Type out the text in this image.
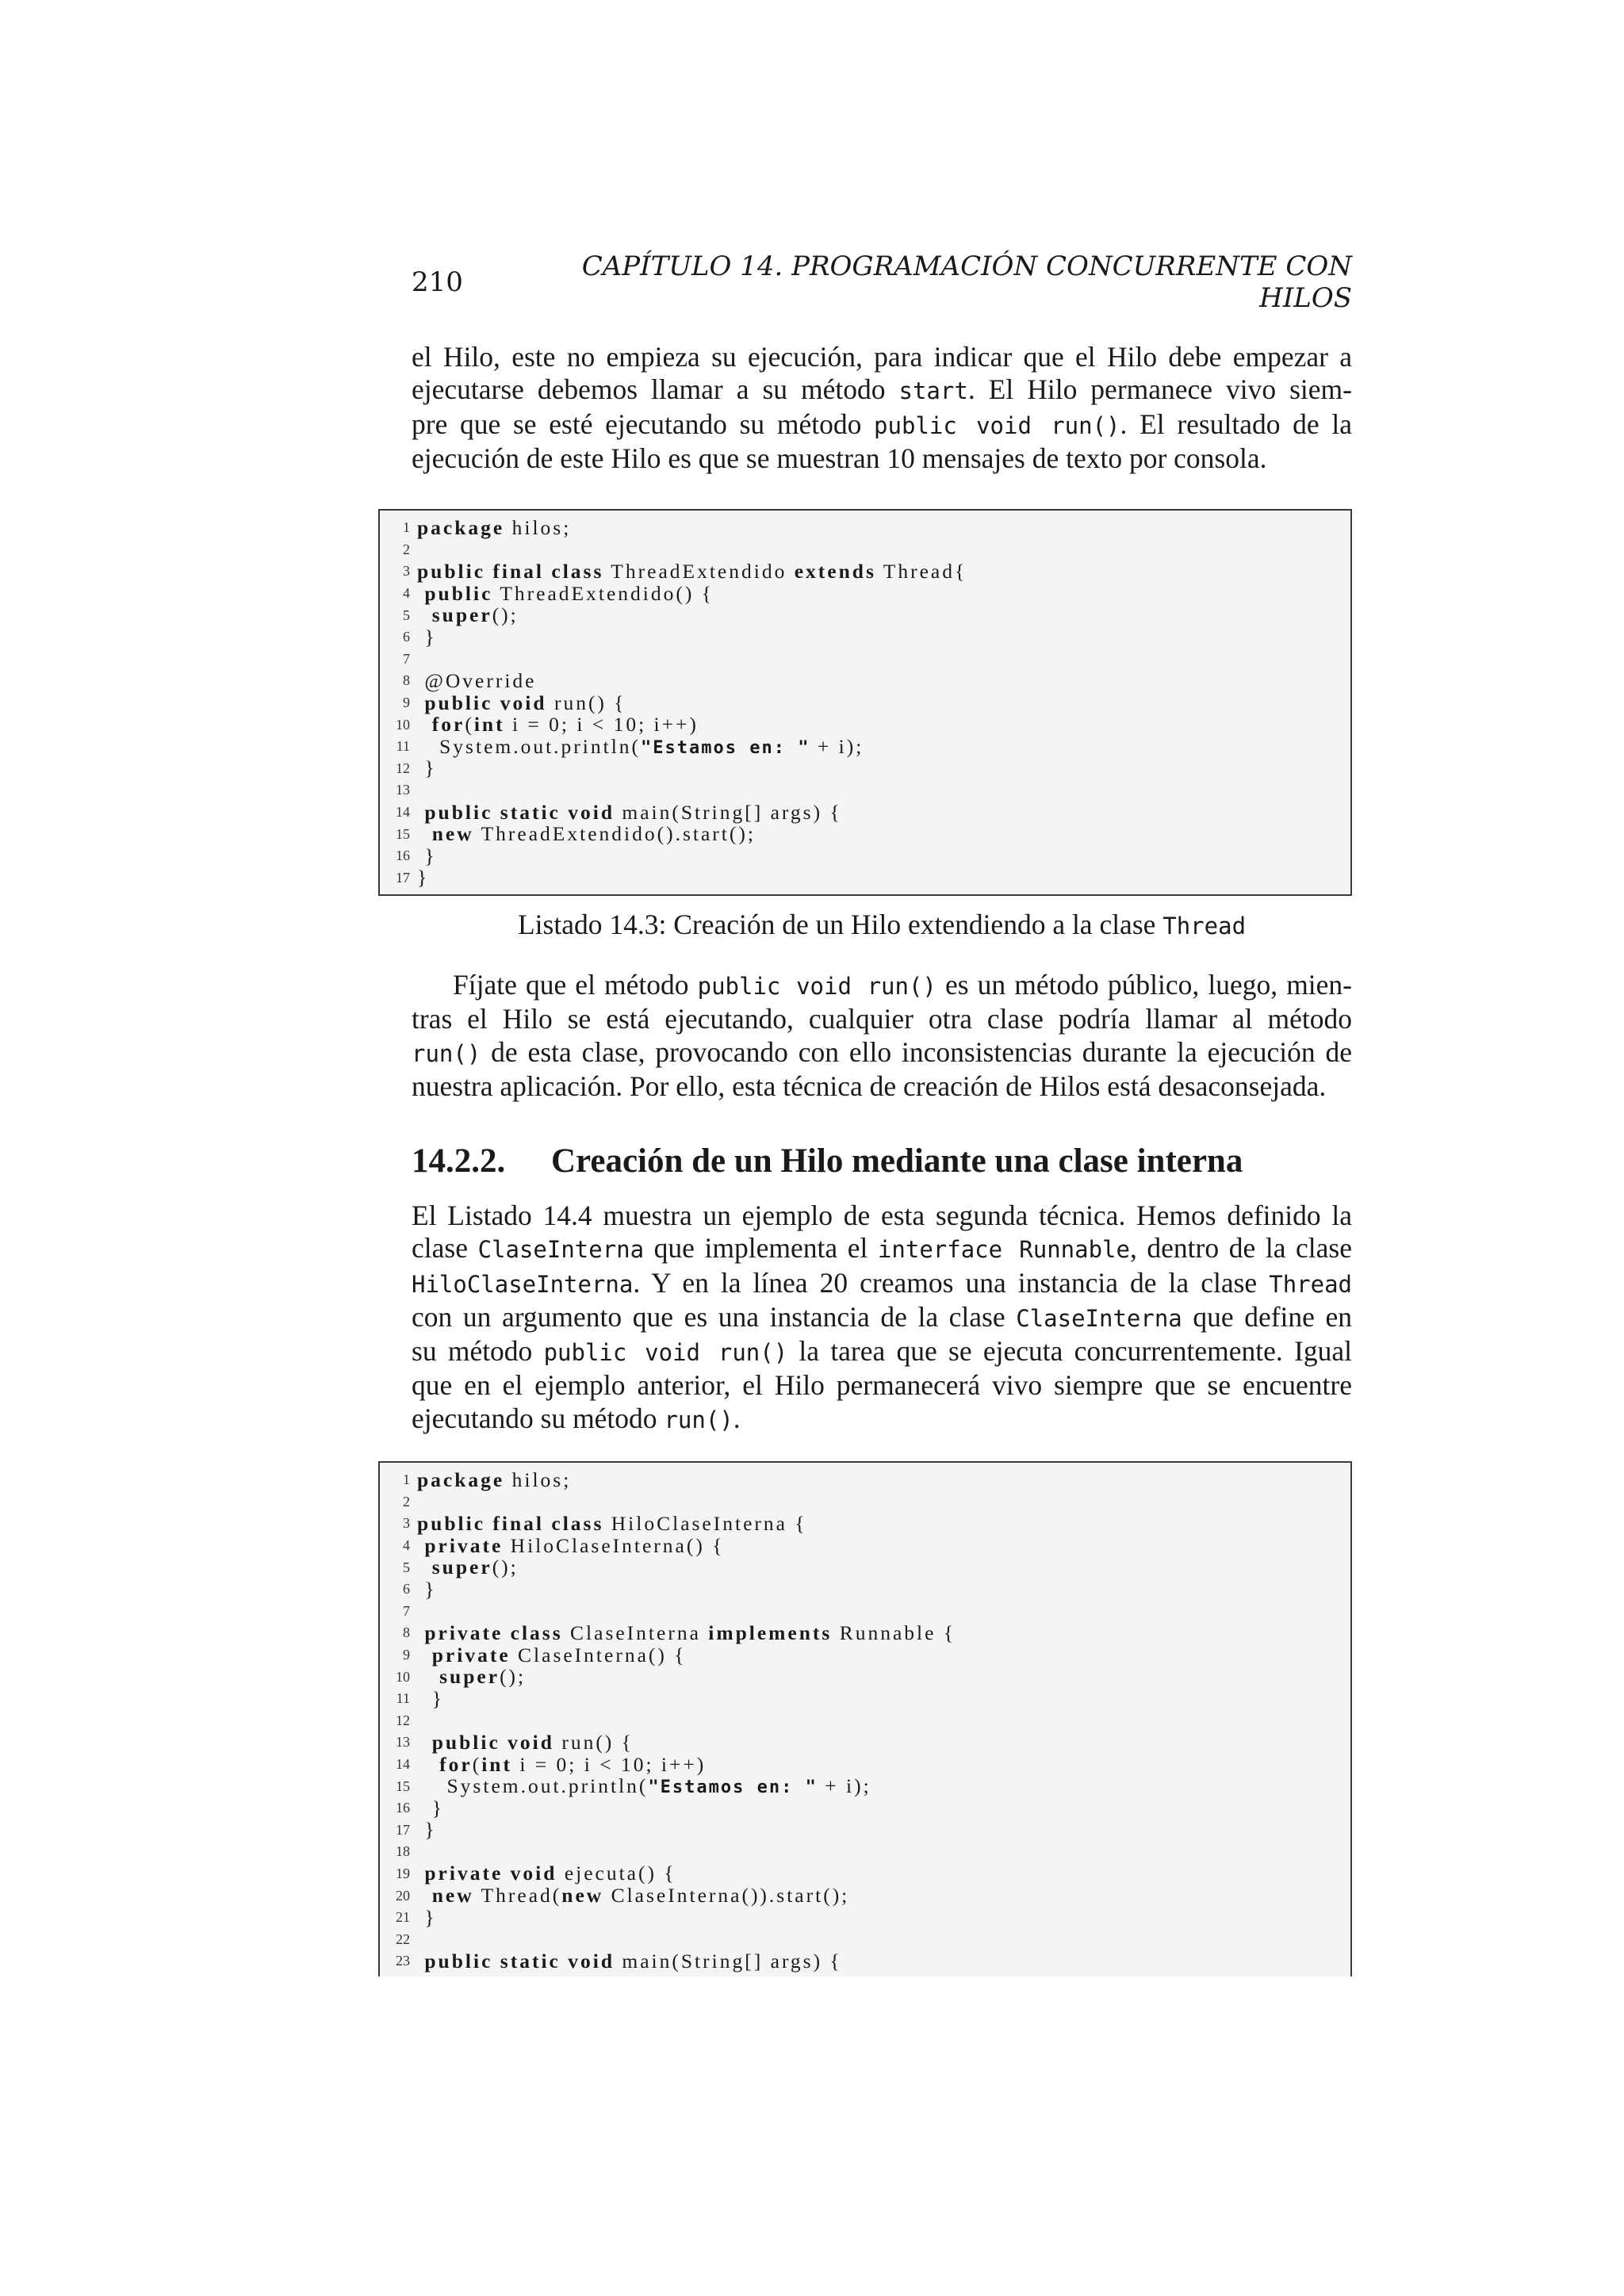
210	CAPÍTULO 14. PROGRAMACIÓN CONCURRENTE CON HILOS
el Hilo, este no empieza su ejecución, para indicar que el Hilo debe empezar a
ejecutarse debemos llamar a su método start. El Hilo permanece vivo siem-
pre que se esté ejecutando su método public void run(). El resultado de la
ejecución de este Hilo es que se muestran 10 mensajes de texto por consola.
1 package hilos;
2
3 public final class ThreadExtendido extends Thread{
4 public ThreadExtendido() {
5	super();
6 }
7
8 @Override
9 public void run() {
10	for(int i = 0; i < 10; i++)
11 System.out.println("Estamos en: " + i);
12 }
13
14 public static void main(String[] args) {
15	new ThreadExtendido().start();
16 }
17 }
Listado 14.3: Creación de un Hilo extendiendo a la clase Thread
Fíjate que el método public void run() es un método público, luego, mien-
tras el Hilo se está ejecutando, cualquier otra clase podría llamar al método
run() de esta clase, provocando con ello inconsistencias durante la ejecución de
nuestra aplicación. Por ello, esta técnica de creación de Hilos está desaconsejada.
14.2.2.	Creación de un Hilo mediante una clase interna
El Listado 14.4 muestra un ejemplo de esta segunda técnica. Hemos definido la
clase ClaseInterna que implementa el interface Runnable, dentro de la clase
HiloClaseInterna. Y en la línea 20 creamos una instancia de la clase Thread
con un argumento que es una instancia de la clase ClaseInterna que define en
su método public void run() la tarea que se ejecuta concurrentemente. Igual
que en el ejemplo anterior, el Hilo permanecerá vivo siempre que se encuentre
ejecutando su método run().
1 package hilos;
2
3 public final class HiloClaseInterna {
4 private HiloClaseInterna() {
5	super();
6 }
7
8 private class ClaseInterna implements Runnable {
9	private ClaseInterna() {
10	super();
11 }
12
13	public void run() {
14	for(int i = 0; i < 10; i++)
15 System.out.println("Estamos en: " + i);
16 }
17 }
18
19 private void ejecuta() {
20	new Thread(new ClaseInterna()).start();
21 }
22
23 public static void main(String[] args) {
